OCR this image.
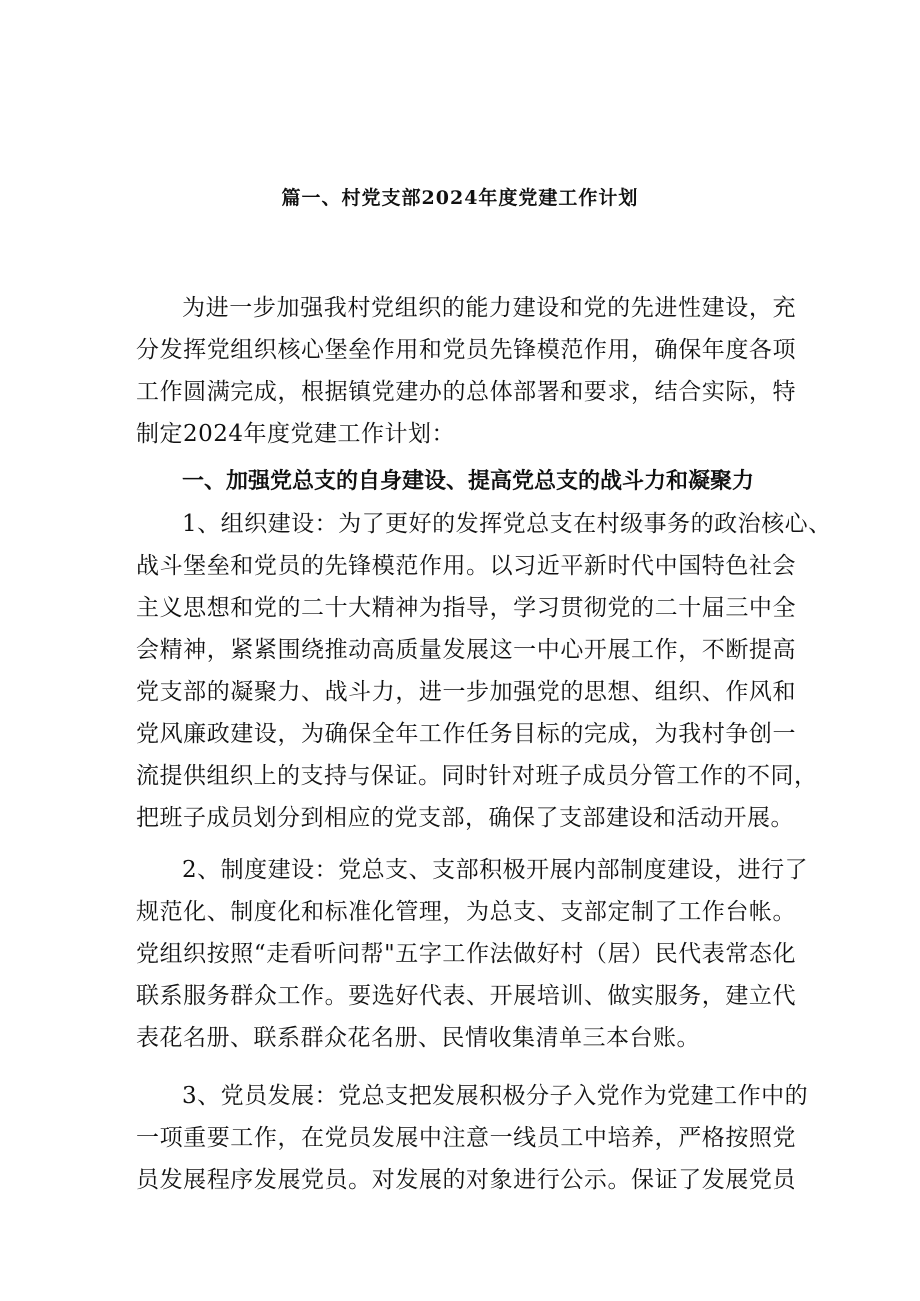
篇一、村党支部2024年度党建工作计划
为进一步加强我村党组织的能力建设和党的先进性建设，充
分发挥党组织核心堡垒作用和党员先锋模范作用，确保年度各项
工作圆满完成，根据镇党建办的总体部署和要求，结合实际，特
制定2024年度党建工作计划：
一、加强党总支的自身建设、提高党总支的战斗力和凝聚力
1、组织建设：为了更好的发挥党总支在村级事务的政治核心、
战斗堡垒和党员的先锋模范作用。以习近平新时代中国特色社会
主义思想和党的二十大精神为指导，学习贯彻党的二十届三中全
会精神，紧紧围绕推动高质量发展这一中心开展工作，不断提高
党支部的凝聚力、战斗力，进一步加强党的思想、组织、作风和
党风廉政建设，为确保全年工作任务目标的完成，为我村争创一
流提供组织上的支持与保证。同时针对班子成员分管工作的不同，
把班子成员划分到相应的党支部，确保了支部建设和活动开展。
2、制度建设：党总支、支部积极开展内部制度建设，进行了
规范化、制度化和标准化管理，为总支、支部定制了工作台帐。
党组织按照“走看听问帮"五字工作法做好村（居）民代表常态化
联系服务群众工作。要选好代表、开展培训、做实服务，建立代
表花名册、联系群众花名册、民情收集清单三本台账。
3、党员发展：党总支把发展积极分子入党作为党建工作中的
一项重要工作，在党员发展中注意一线员工中培养，严格按照党
员发展程序发展党员。对发展的对象进行公示。保证了发展党员
